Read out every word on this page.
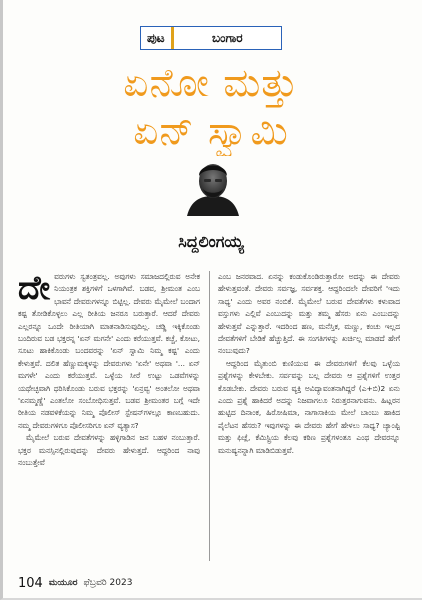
ಪುಟ	ಬಂಗಾರ
ಏನೋ ಮತ್ತು
ಏನ್ ಸ್ವಾಮಿ
ಸಿದ್ದಲಿಂಗಯ್ಯ
ದೇ ವರುಗಳು ಸ್ವತಂತ್ರವಲ್ಲ. ಅವುಗಳು ಸಮಾಜದಲ್ಲಿರುವ ಅನೇಕ ನಿಯಂತ್ರಕ ಶಕ್ತಿಗಳಿಗೆ ಒಳಗಾಗಿವೆ. ಬಡವ, ಶ್ರೀಮಂತ ಎಂಬ ಭಾವನೆ ದೇವರುಗಳನ್ನೂ ಬಿಟ್ಟಿಲ್ಲ. ದೇವರು ಮೈಮೇಲೆ ಬಂದಾಗ ಕಷ್ಟ ತೋಡಿಕೊಳ್ಳಲು ಎಲ್ಲ ರೀತಿಯ ಜನರೂ ಬರುತ್ತಾರೆ. ಆದರೆ ದೇವರು ಎಲ್ಲರನ್ನೂ ಒಂದೇ ರೀತಿಯಾಗಿ ಮಾತನಾಡಿಸುವುದಿಲ್ಲ. ಚಡ್ಡಿ ಇಕ್ಕಿಕೊಂಡು ಬಂದಿರುವ ಬಡ ಭಕ್ತರನ್ನ 'ಏನ್ ಮಗನೇ' ಎಂದು ಕರೆಯುತ್ತವೆ. ಕಚ್ಚೆ, ಕೋಟು, ಸೂಟು ಹಾಕಿಕೊಂಡು ಬಂದವರನ್ನು 'ಏನ್ ಸ್ವಾಮಿ ನಿಮ್ಮ ಕಷ್ಟ' ಎಂದು ಕೇಳುತ್ತವೆ. ದಲಿತ ಹೆಣ್ಣುಮಕ್ಕಳನ್ನು ದೇವರುಗಳು 'ಏನೇ' ಅಥವಾ '... ಏನ್ ಮಗಳೇ' ಎಂದು ಕರೆಯುತ್ತವೆ. ಒಳ್ಳೆಯ ಸೀರೆ ಉಟ್ಟು ಒಡವೆಗಳನ್ನು ಯಥೇಚ್ಛವಾಗಿ ಧರಿಸಿಕೊಂಡು ಬರುವ ಭಕ್ತರನ್ನು 'ಏನ್ರವ್ವ' ಅಂತಲೋ ಅಥವಾ 'ಏನಮ್ಮಣ್ಣೆ' ಎಂತಲೋ ಸಂಬೋಧಿಸುತ್ತವೆ. ಬಡವ ಶ್ರೀಮಂತರ ಬಗ್ಗೆ ಇದೇ ರೀತಿಯ ನಡವಳಿಕೆಯನ್ನು ನಿಮ್ಮ ಪೊಲೀಸ್ ಸ್ಟೇಷನ್‌ಗಳಲ್ಲೂ ಕಾಣಬಹುದು. ನಮ್ಮ ದೇವರುಗಳಿಗೂ ಪೊಲೀಸರಿಗೂ ಏನ್ ವ್ಯತ್ಯಾಸ?

ಮೈಮೇಲೆ ಬರುವ ದೇವತೆಗಳನ್ನು ಹಳ್ಳಿಗಾಡಿನ ಜನ ಬಹಳ ನಂಬುತ್ತಾರೆ. ಭಕ್ತರ ಮನಸ್ಸಿನಲ್ಲಿರುವುದನ್ನು ದೇವರು ಹೇಳುತ್ತದೆ. ಆದ್ದರಿಂದ ನಾವು ನಂಬುತ್ತೇವೆ

ಎಂಬ ಜನರವಾದ. ಏನನ್ನು ಕಂಡುಕೊಂಡಿರುತ್ತಾರೋ ಅದನ್ನು ಈ ದೇವರು ಹೇಳುತ್ತವಂತೆ. ದೇವರು ಸರ್ವಜ್ಞ, ಸರ್ವಶಕ್ತ. ಆದ್ದರಿಂದಲೇ ದೇವರಿಗೆ 'ಇದು ಸಾಧ್ಯ' ಎಂದು ಅವರ ನಂಬಿಕೆ. ಮೈಮೇಲೆ ಬರುವ ದೇವತೆಗಳು ಕಳುವಾದ ವಸ್ತುಗಳು ಎಲ್ಲಿವೆ ಎಂಬುದನ್ನು ಮತ್ತು ತಮ್ಮ ಹೆಸರು ಏನು ಎಂಬುದನ್ನು ಹೇಳುತ್ತವೆ ಎನ್ನುತ್ತಾರೆ. ಇದರಿಂದ ಹಣ, ಮನೆಸ್ತಿಕ, ಮಣ್ಣು, ಕಂಚು ಇಲ್ಲದ ದೇವತೆಗಳಿಗೆ ಬೇಡಿಕೆ ಹೆಚ್ಚುತ್ತಿದೆ. ಈ ಸಂಗತಿಗಳನ್ನು ಖರ್ಚಿಲ್ಲ ಮಾಡದೆ ಹೇಗೆ ನಂಬುವುದು?

ಆದ್ದರಿಂದ ಮೈತುಂಬಿ ಕುಣಿಯುವ ಈ ದೇವರುಗಳಿಗೆ ಕೆಲವು ಒಳ್ಳೆಯ ಪ್ರಶ್ನೆಗಳನ್ನು ಕೇಳಬೇಕು. ಸರ್ವವನ್ನು ಬಲ್ಲ ದೇವರು ಆ ಪ್ರಶ್ನೆಗಳಿಗೆ ಉತ್ತರ ಕೊಡಬೇಕು. ದೇವರು ಬರುವ ವ್ಯಕ್ತಿ ಅವಿದ್ಯಾವಂತನಾಗಿದ್ದರೆ (ಎ+ಬಿ)2 ಏನು ಎಂದು ಪ್ರಶ್ನೆ ಹಾಕಿದರೆ ಅದನ್ನು ನಿಜವಾಗಲೂ ನಿರುತ್ತರನಾಗುವನು. ಹಿಟ್ಲರನ ಹುಟ್ಟಿದ ದಿನಾಂಕ, ಹಿರೋಷಿಮಾ, ನಾಗಾಸಾಕಿಯ ಮೇಲೆ ಬಾಂಬು ಹಾಕಿದ ಪೈಲೆಟನ ಹೆಸರು? ಇವುಗಳನ್ನು ಈ ದೇವರು ಹೇಗೆ ಹೇಳಲು ಸಾಧ್ಯ? ಚ್ಯಾಂಪ್ಟಿ ಮತ್ತು ಫಿಚ್ಲೆ, ಕೆಮಿಸ್ಟ್ರಿಯ ಕೆಲವು ಕಠಿಣ ಪ್ರಶ್ನೆಗಳಂತೂ ಎಂಥ ದೇವರನ್ನೂ ಮನುಷ್ಯನನ್ನಾಗಿ ಮಾಡಿಬಿಡುತ್ತವೆ.

104 ಮಯೂರ ಫೆಬ್ರವರಿ 2023
